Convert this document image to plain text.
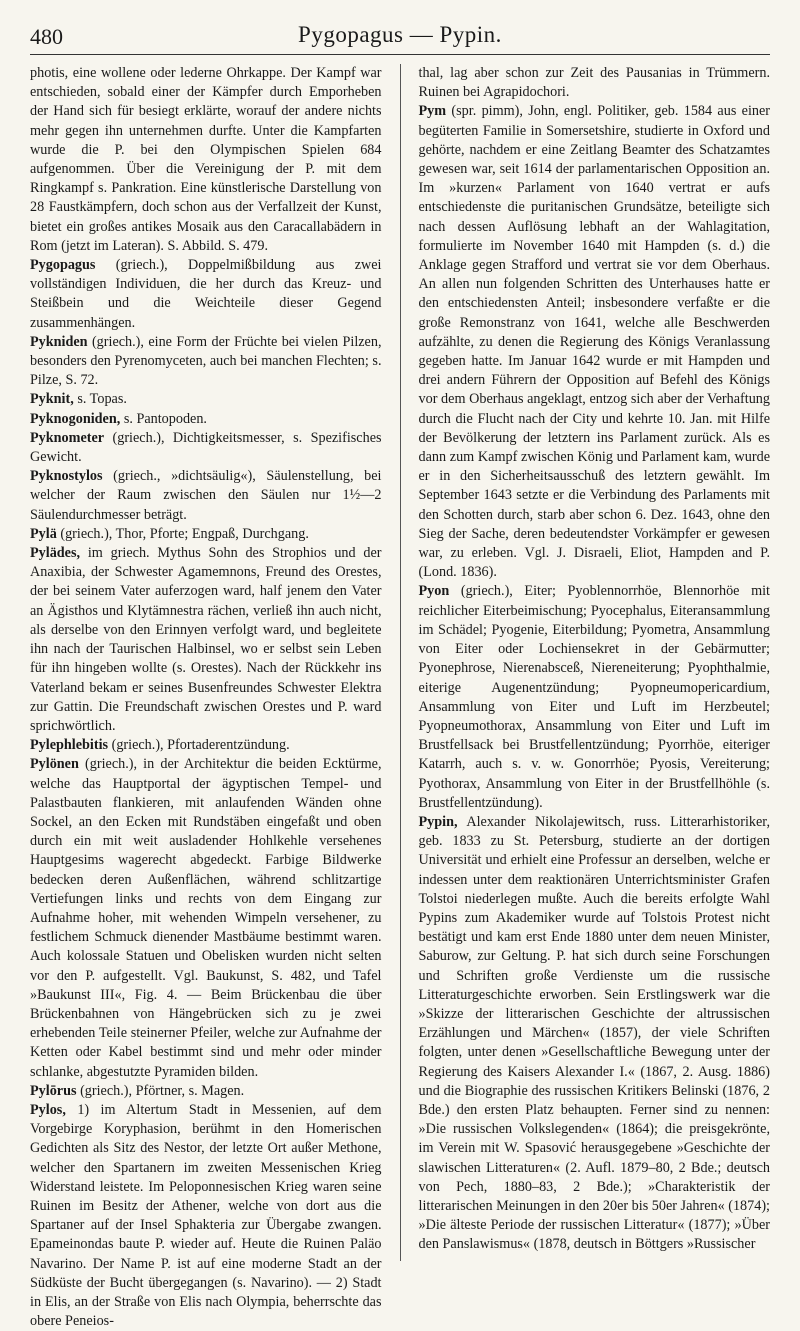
480	Pygopagus — Pypin.

photis, eine wollene oder lederne Ohrkappe. Der Kampf war entschieden, sobald einer der Kämpfer durch Emporheben der Hand sich für besiegt erklärte, worauf der andere nichts mehr gegen ihn unternehmen durfte. Unter die Kampfarten wurde die P. bei den Olympischen Spielen 684 aufgenommen. Über die Vereinigung der P. mit dem Ringkampf s. Pankration. Eine künstlerische Darstellung von 28 Faustkämpfern, doch schon aus der Verfallzeit der Kunst, bietet ein großes antikes Mosaik aus den Caracallabädern in Rom (jetzt im Lateran). S. Abbild. S. 479.

Pygopagus (griech.), Doppelmißbildung aus zwei vollständigen Individuen, die her durch das Kreuz- und Steißbein und die Weichteile dieser Gegend zusammenhängen.

Pykniden (griech.), eine Form der Früchte bei vielen Pilzen, besonders den Pyrenomyceten, auch bei manchen Flechten; s. Pilze, S. 72.

Pyknit, s. Topas.

Pyknogoniden, s. Pantopoden.

Pyknometer (griech.), Dichtigkeitsmesser, s. Spezifisches Gewicht.

Pyknostylos (griech., »dichtsäulig«), Säulenstellung, bei welcher der Raum zwischen den Säulen nur 1½—2 Säulendurchmesser beträgt.

Pylä (griech.), Thor, Pforte; Engpaß, Durchgang.

Pylädes, im griech. Mythus Sohn des Strophios und der Anaxibia, der Schwester Agamemnons, Freund des Orestes, der bei seinem Vater auferzogen ward, half jenem den Vater an Ägisthos und Klytämnestra rächen, verließ ihn auch nicht, als derselbe von den Erinnyen verfolgt ward, und begleitete ihn nach der Taurischen Halbinsel, wo er selbst sein Leben für ihn hingeben wollte (s. Orestes). Nach der Rückkehr ins Vaterland bekam er seines Busenfreundes Schwester Elektra zur Gattin. Die Freundschaft zwischen Orestes und P. ward sprichwörtlich.

Pylephlebitis (griech.), Pfortaderentzündung.

Pylönen (griech.), in der Architektur die beiden Ecktürme, welche das Hauptportal der ägyptischen Tempel- und Palastbauten flankieren, mit anlaufenden Wänden ohne Sockel, an den Ecken mit Rundstäben eingefaßt und oben durch ein mit weit ausladender Hohlkehle versehenes Hauptgesims wagerecht abgedeckt. Farbige Bildwerke bedecken deren Außenflächen, während schlitzartige Vertiefungen links und rechts von dem Eingang zur Aufnahme hoher, mit wehenden Wimpeln versehener, zu festlichem Schmuck dienender Mastbäume bestimmt waren. Auch kolossale Statuen und Obelisken wurden nicht selten vor den P. aufgestellt. Vgl. Baukunst, S. 482, und Tafel »Baukunst III«, Fig. 4. — Beim Brückenbau die über Brückenbahnen von Hängebrücken sich zu je zwei erhebenden Teile steinerner Pfeiler, welche zur Aufnahme der Ketten oder Kabel bestimmt sind und mehr oder minder schlanke, abgestutzte Pyramiden bilden.

Pylōrus (griech.), Pförtner, s. Magen.

Pylos, 1) im Altertum Stadt in Messenien, auf dem Vorgebirge Koryphasion, berühmt in den Homerischen Gedichten als Sitz des Nestor, der letzte Ort außer Methone, welcher den Spartanern im zweiten Messenischen Krieg Widerstand leistete. Im Peloponnesischen Krieg waren seine Ruinen im Besitz der Athener, welche von dort aus die Spartaner auf der Insel Sphakteria zur Übergabe zwangen. Epameinondas baute P. wieder auf. Heute die Ruinen Paläo Navarino. Der Name P. ist auf eine moderne Stadt an der Südküste der Bucht übergegangen (s. Navarino). — 2) Stadt in Elis, an der Straße von Elis nach Olympia, beherrschte das obere Peneios-

thal, lag aber schon zur Zeit des Pausanias in Trümmern. Ruinen bei Agrapidochori.

Pym (spr. pimm), John, engl. Politiker, geb. 1584 aus einer begüterten Familie in Somersetshire, studierte in Oxford und gehörte, nachdem er eine Zeitlang Beamter des Schatzamtes gewesen war, seit 1614 der parlamentarischen Opposition an. Im »kurzen« Parlament von 1640 vertrat er aufs entschiedenste die puritanischen Grundsätze, beteiligte sich nach dessen Auflösung lebhaft an der Wahlagitation, formulierte im November 1640 mit Hampden (s. d.) die Anklage gegen Strafford und vertrat sie vor dem Oberhaus. An allen nun folgenden Schritten des Unterhauses hatte er den entschiedensten Anteil; insbesondere verfaßte er die große Remonstranz von 1641, welche alle Beschwerden aufzählte, zu denen die Regierung des Königs Veranlassung gegeben hatte. Im Januar 1642 wurde er mit Hampden und drei andern Führern der Opposition auf Befehl des Königs vor dem Oberhaus angeklagt, entzog sich aber der Verhaftung durch die Flucht nach der City und kehrte 10. Jan. mit Hilfe der Bevölkerung der letztern ins Parlament zurück. Als es dann zum Kampf zwischen König und Parlament kam, wurde er in den Sicherheitsausschuß des letztern gewählt. Im September 1643 setzte er die Verbindung des Parlaments mit den Schotten durch, starb aber schon 6. Dez. 1643, ohne den Sieg der Sache, deren bedeutendster Vorkämpfer er gewesen war, zu erleben. Vgl. J. Disraeli, Eliot, Hampden and P. (Lond. 1836).

Pyon (griech.), Eiter; Pyoblennorrhöe, Blennorhöe mit reichlicher Eiterbeimischung; Pyocephalus, Eiteransammlung im Schädel; Pyogenie, Eiterbildung; Pyometra, Ansammlung von Eiter oder Lochiensekret in der Gebärmutter; Pyonephrose, Nierenabsceß, Niereneiterung; Pyophthalmie, eiterige Augenentzündung; Pyopneumopericardium, Ansammlung von Eiter und Luft im Herzbeutel; Pyopneumothorax, Ansammlung von Eiter und Luft im Brustfellsack bei Brustfellentzündung; Pyorrhöe, eiteriger Katarrh, auch s. v. w. Gonorrhöe; Pyosis, Vereiterung; Pyothorax, Ansammlung von Eiter in der Brustfellhöhle (s. Brustfellentzündung).

Pypin, Alexander Nikolajewitsch, russ. Litterarhistoriker, geb. 1833 zu St. Petersburg, studierte an der dortigen Universität und erhielt eine Professur an derselben, welche er indessen unter dem reaktionären Unterrichtsminister Grafen Tolstoi niederlegen mußte. Auch die bereits erfolgte Wahl Pypins zum Akademiker wurde auf Tolstois Protest nicht bestätigt und kam erst Ende 1880 unter dem neuen Minister, Saburow, zur Geltung. P. hat sich durch seine Forschungen und Schriften große Verdienste um die russische Litteraturgeschichte erworben. Sein Erstlingswerk war die »Skizze der litterarischen Geschichte der altrussischen Erzählungen und Märchen« (1857), der viele Schriften folgten, unter denen »Gesellschaftliche Bewegung unter der Regierung des Kaisers Alexander I.« (1867, 2. Ausg. 1886) und die Biographie des russischen Kritikers Belinski (1876, 2 Bde.) den ersten Platz behaupten. Ferner sind zu nennen: »Die russischen Volkslegenden« (1864); die preisgekrönte, im Verein mit W. Spasović herausgegebene »Geschichte der slawischen Litteraturen« (2. Aufl. 1879–80, 2 Bde.; deutsch von Pech, 1880–83, 2 Bde.); »Charakteristik der litterarischen Meinungen in den 20er bis 50er Jahren« (1874); »Die älteste Periode der russischen Litteratur« (1877); »Über den Panslawismus« (1878, deutsch in Böttgers »Russischer
